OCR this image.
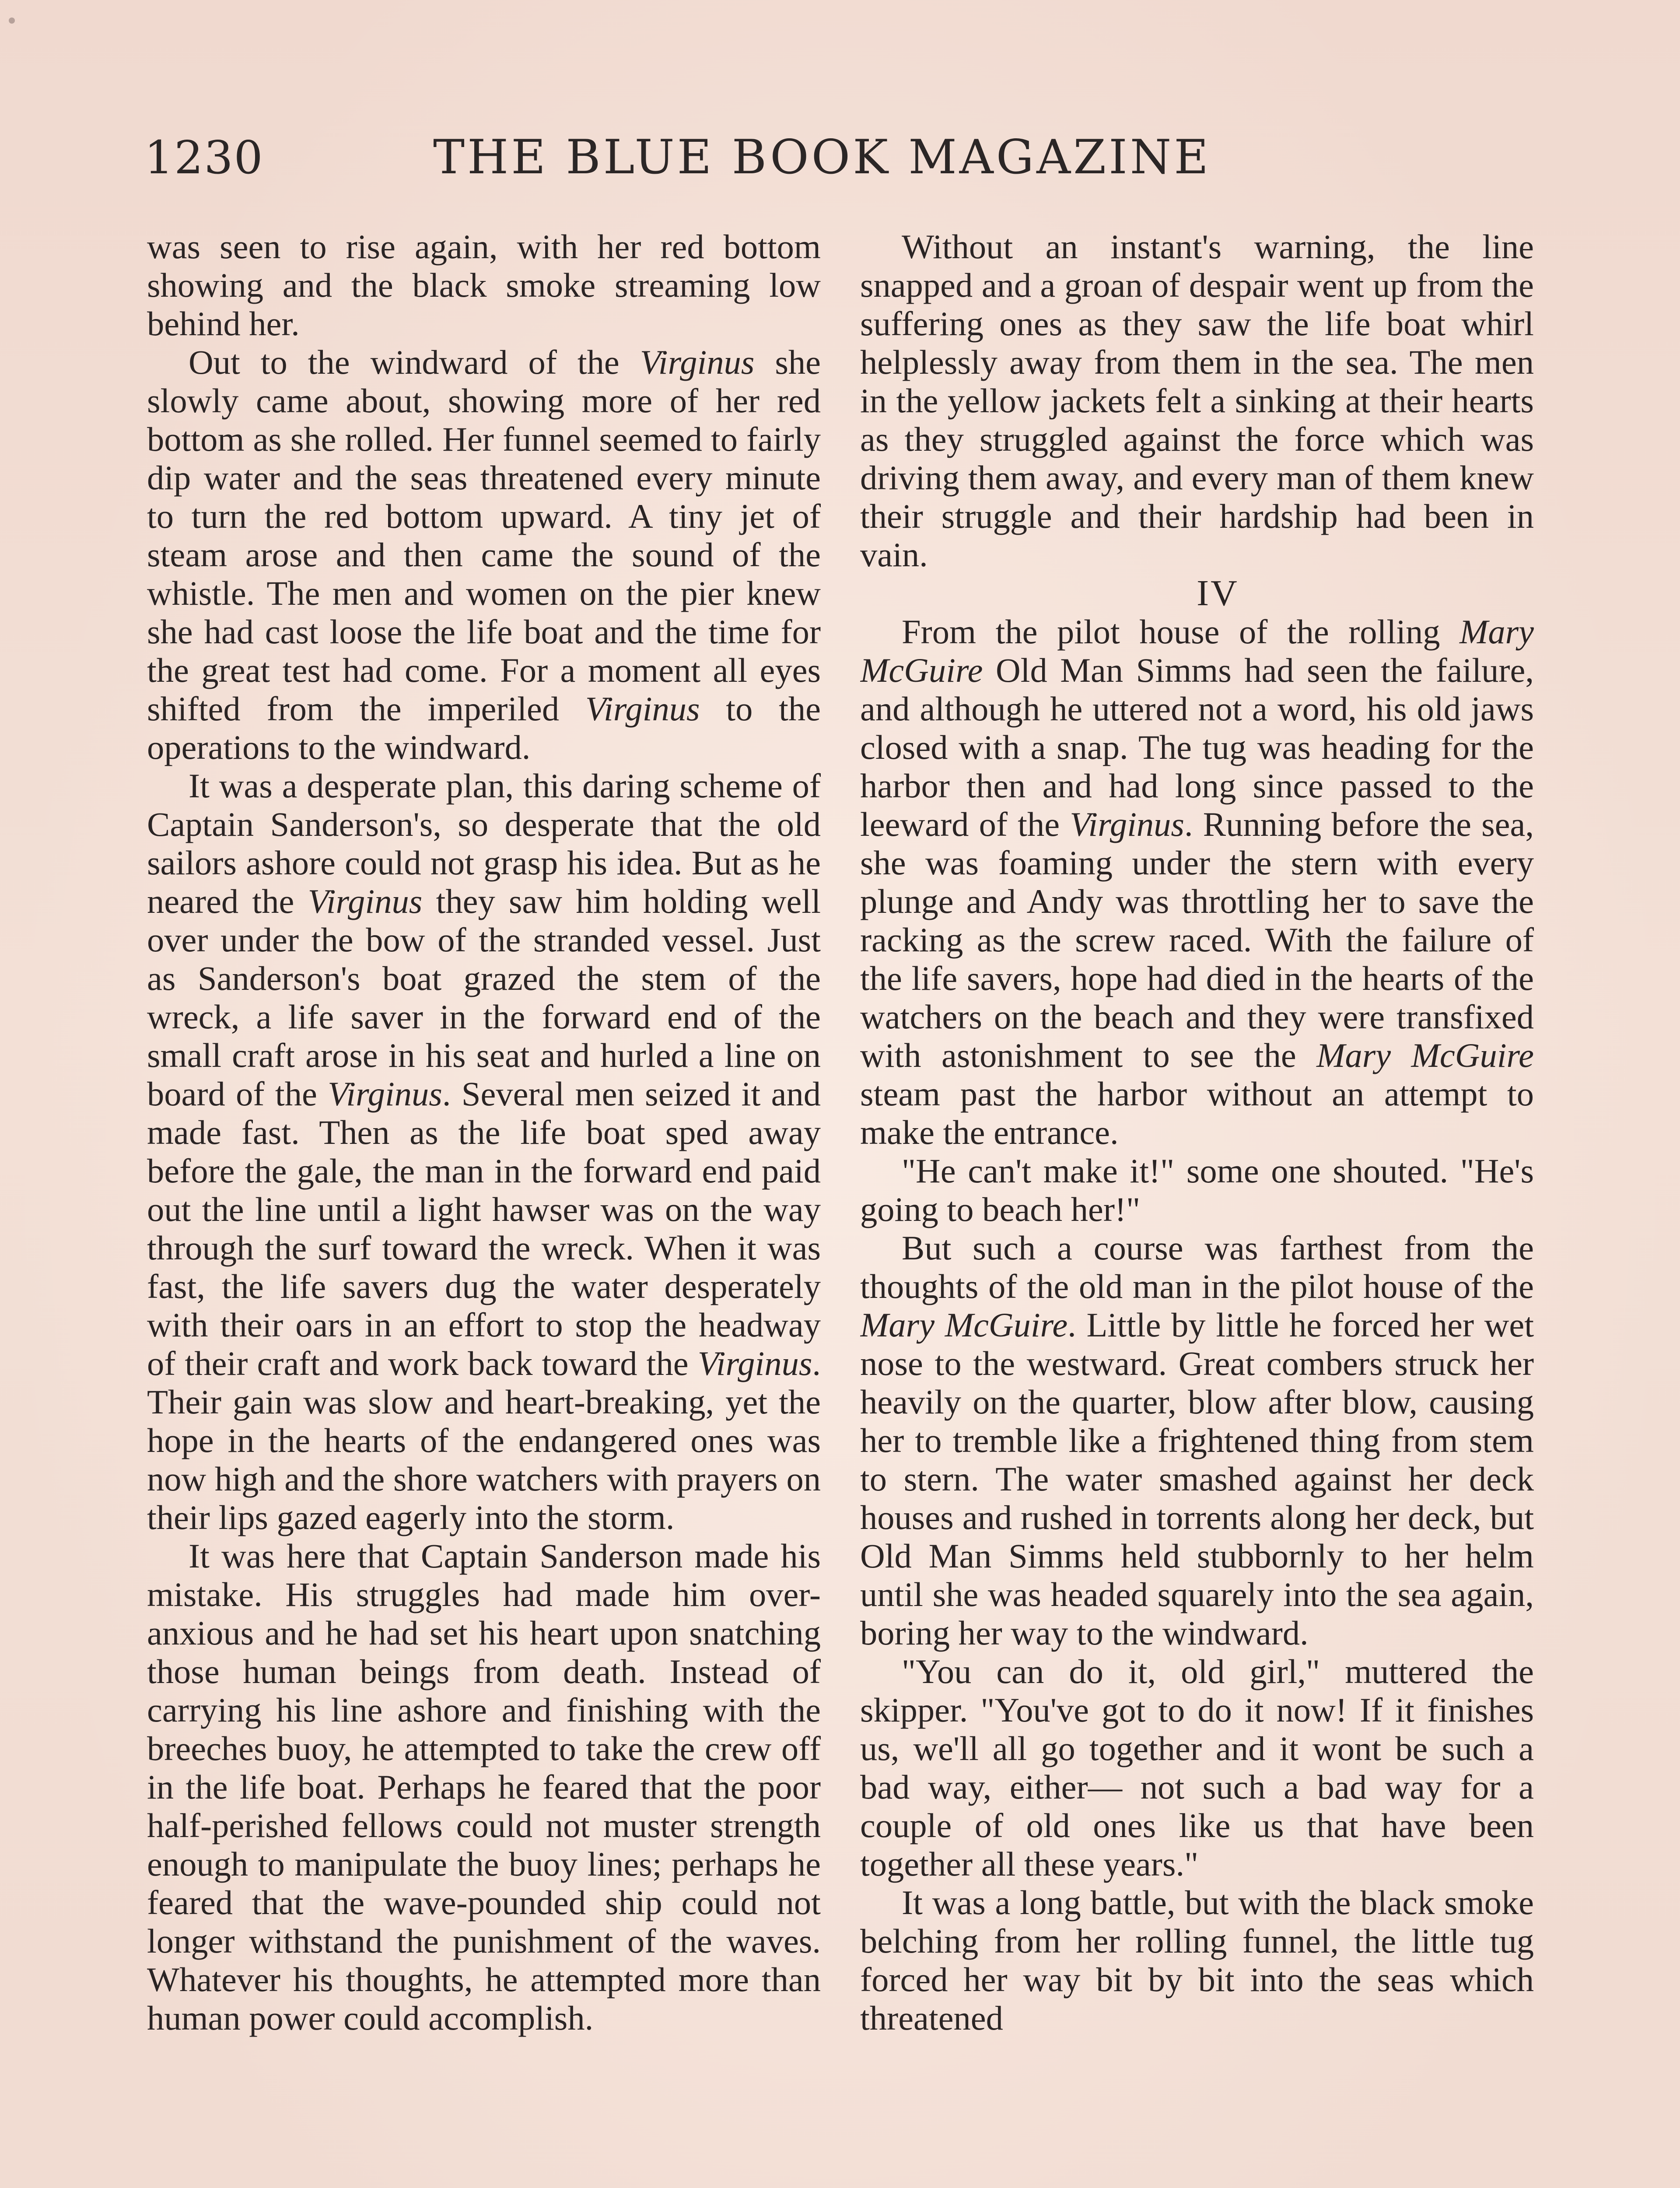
1230	THE BLUE BOOK MAGAZINE

was seen to rise again, with her red bottom showing and the black smoke streaming low behind her.

Out to the windward of the Virginus she slowly came about, showing more of her red bottom as she rolled. Her funnel seemed to fairly dip water and the seas threatened every minute to turn the red bottom upward. A tiny jet of steam arose and then came the sound of the whistle. The men and women on the pier knew she had cast loose the life boat and the time for the great test had come. For a moment all eyes shifted from the imperiled Virginus to the operations to the windward.

It was a desperate plan, this daring scheme of Captain Sanderson's, so desperate that the old sailors ashore could not grasp his idea. But as he neared the Virginus they saw him holding well over under the bow of the stranded vessel. Just as Sanderson's boat grazed the stem of the wreck, a life saver in the forward end of the small craft arose in his seat and hurled a line on board of the Virginus. Several men seized it and made fast. Then as the life boat sped away before the gale, the man in the forward end paid out the line until a light hawser was on the way through the surf toward the wreck. When it was fast, the life savers dug the water desperately with their oars in an effort to stop the headway of their craft and work back toward the Virginus. Their gain was slow and heart-breaking, yet the hope in the hearts of the endangered ones was now high and the shore watchers with prayers on their lips gazed eagerly into the storm.

It was here that Captain Sanderson made his mistake. His struggles had made him over-anxious and he had set his heart upon snatching those human beings from death. Instead of carrying his line ashore and finishing with the breeches buoy, he attempted to take the crew off in the life boat. Perhaps he feared that the poor half-perished fellows could not muster strength enough to manipulate the buoy lines; perhaps he feared that the wave-pounded ship could not longer withstand the punishment of the waves. Whatever his thoughts, he attempted more than human power could accomplish.

Without an instant's warning, the line snapped and a groan of despair went up from the suffering ones as they saw the life boat whirl helplessly away from them in the sea. The men in the yellow jackets felt a sinking at their hearts as they struggled against the force which was driving them away, and every man of them knew their struggle and their hardship had been in vain.

IV

From the pilot house of the rolling Mary McGuire Old Man Simms had seen the failure, and although he uttered not a word, his old jaws closed with a snap. The tug was heading for the harbor then and had long since passed to the leeward of the Virginus. Running before the sea, she was foaming under the stern with every plunge and Andy was throttling her to save the racking as the screw raced. With the failure of the life savers, hope had died in the hearts of the watchers on the beach and they were transfixed with astonishment to see the Mary McGuire steam past the harbor without an attempt to make the entrance.

"He can't make it!" some one shouted. "He's going to beach her!"

But such a course was farthest from the thoughts of the old man in the pilot house of the Mary McGuire. Little by little he forced her wet nose to the westward. Great combers struck her heavily on the quarter, blow after blow, causing her to tremble like a frightened thing from stem to stern. The water smashed against her deck houses and rushed in torrents along her deck, but Old Man Simms held stubbornly to her helm until she was headed squarely into the sea again, boring her way to the windward.

"You can do it, old girl," muttered the skipper. "You've got to do it now! If it finishes us, we'll all go together and it wont be such a bad way, either— not such a bad way for a couple of old ones like us that have been together all these years."

It was a long battle, but with the black smoke belching from her rolling funnel, the little tug forced her way bit by bit into the seas which threatened
